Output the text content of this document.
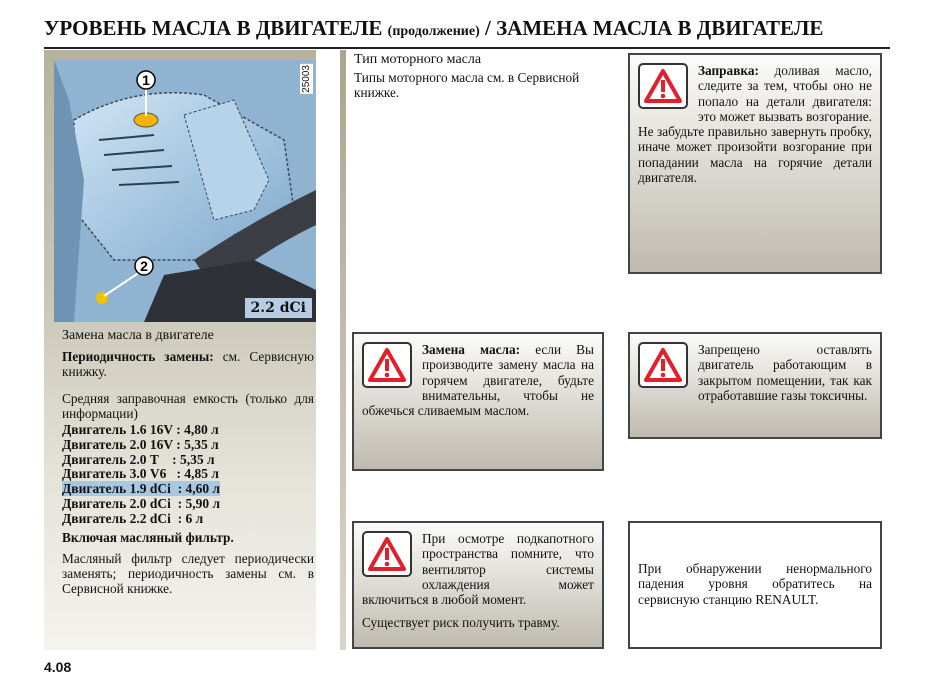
УРОВЕНЬ МАСЛА В ДВИГАТЕЛЕ (продолжение) / ЗАМЕНА МАСЛА В ДВИГАТЕЛЕ
1
2
25003
2.2 dCi

Замена масла в двигателе

Периодичность замены: см. Сервисную книжку.

Средняя заправочная емкость (только для информации)

Двигатель 1.6 16V : 4,80 л

Двигатель 2.0 16V : 5,35 л

Двигатель 2.0 T    : 5,35 л

Двигатель 3.0 V6   : 4,85 л

Двигатель 1.9 dCi  : 4,60 л

Двигатель 2.0 dCi  : 5,90 л

Двигатель 2.2 dCi  : 6 л

Включая масляный фильтр.

Масляный фильтр следует периодически заменять; периодичность замены см. в Сервисной книжке.

Тип моторного масла

Типы моторного масла см. в Сервисной книжке.

Заправка: доливая масло, следите за тем, чтобы оно не попало на детали двигателя: это может вызвать возгорание. Не забудьте правильно завернуть пробку, иначе может произойти возгорание при попадании масла на горячие детали двигателя.
Замена масла: если Вы производите замену масла на горячем двигателе, будьте внимательны, чтобы не обжечься сливаемым маслом.
Запрещено оставлять двигатель работающим в закрытом помещении, так как отработавшие газы токсичны.
При осмотре подкапотного пространства помните, что вентилятор системы охлаждения может включиться в любой момент.
Существует риск получить травму.
При обнаружении ненормального падения уровня обратитесь на сервисную станцию RENAULT.
4.08
